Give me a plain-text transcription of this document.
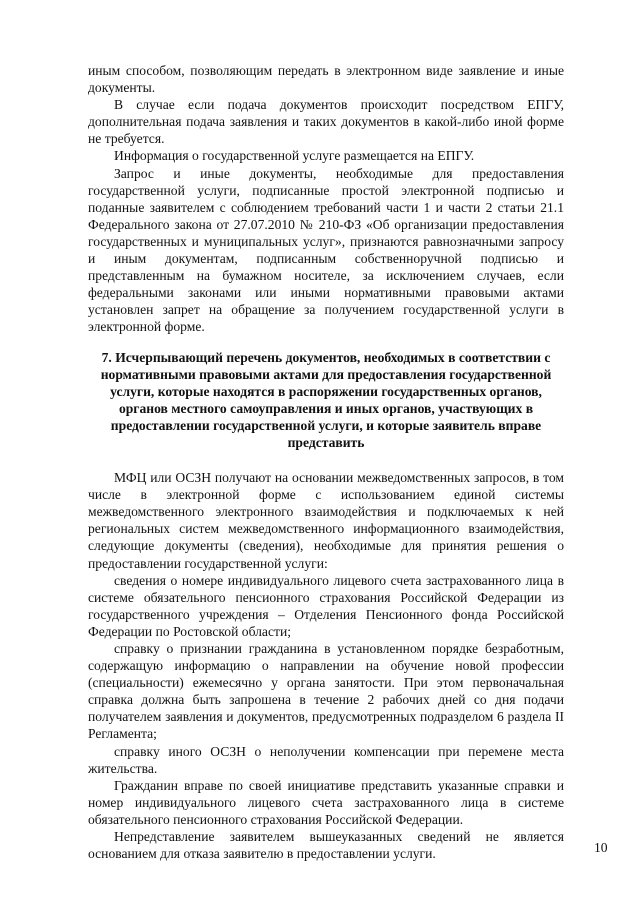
иным способом, позволяющим передать в электронном виде заявление и иные документы.

В случае если подача документов происходит посредством ЕПГУ, дополнительная подача заявления и таких документов в какой-либо иной форме не требуется.

Информация о государственной услуге размещается на ЕПГУ.

Запрос и иные документы, необходимые для предоставления государственной услуги, подписанные простой электронной подписью и поданные заявителем с соблюдением требований части 1 и части 2 статьи 21.1 Федерального закона от 27.07.2010 № 210-ФЗ «Об организации предоставления государственных и муниципальных услуг», признаются равнозначными запросу и иным документам, подписанным собственноручной подписью и представленным на бумажном носителе, за исключением случаев, если федеральными законами или иными нормативными правовыми актами установлен запрет на обращение за получением государственной услуги в электронной форме.

7. Исчерпывающий перечень документов, необходимых в соответствии с нормативными правовыми актами для предоставления государственной услуги, которые находятся в распоряжении государственных органов, органов местного самоуправления и иных органов, участвующих в предоставлении государственной услуги, и которые заявитель вправе представить

МФЦ или ОСЗН получают на основании межведомственных запросов, в том числе в электронной форме с использованием единой системы межведомственного электронного взаимодействия и подключаемых к ней региональных систем межведомственного информационного взаимодействия, следующие документы (сведения), необходимые для принятия решения о предоставлении государственной услуги:

сведения о номере индивидуального лицевого счета застрахованного лица в системе обязательного пенсионного страхования Российской Федерации из государственного учреждения – Отделения Пенсионного фонда Российской Федерации по Ростовской области;

справку о признании гражданина в установленном порядке безработным, содержащую информацию о направлении на обучение новой профессии (специальности) ежемесячно у органа занятости. При этом первоначальная справка должна быть запрошена в течение 2 рабочих дней со дня подачи получателем заявления и документов, предусмотренных подразделом 6 раздела II Регламента;

справку иного ОСЗН о неполучении компенсации при перемене места жительства.

Гражданин вправе по своей инициативе представить указанные справки и номер индивидуального лицевого счета застрахованного лица в системе обязательного пенсионного страхования Российской Федерации.

Непредставление заявителем вышеуказанных сведений не является основанием для отказа заявителю в предоставлении услуги.	10
